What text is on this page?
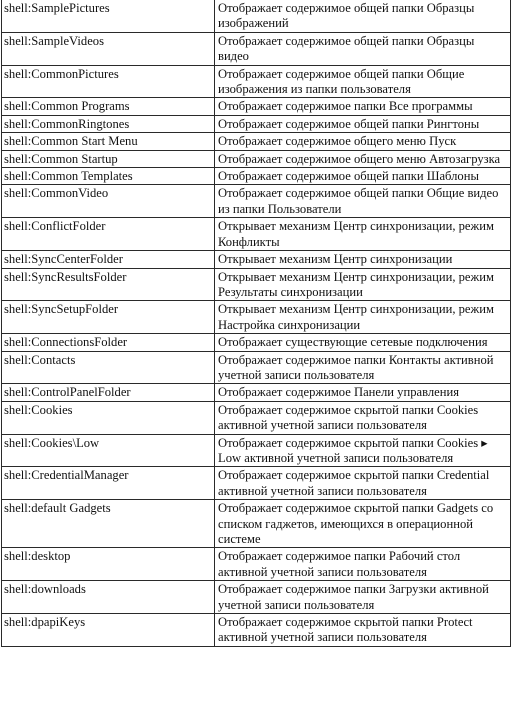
shell:SamplePictures	Отображает содержимое общей папки Образцы изображений
shell:SampleVideos	Отображает содержимое общей папки Образцы видео
shell:CommonPictures	Отображает содержимое общей папки Общие изображения из папки пользователя
shell:Common Programs	Отображает содержимое папки Все программы
shell:CommonRingtones	Отображает содержимое общей папки Рингтоны
shell:Common Start Menu	Отображает содержимое общего меню Пуск
shell:Common Startup	Отображает содержимое общего меню Автозагрузка
shell:Common Templates	Отображает содержимое общей папки Шаблоны
shell:CommonVideo	Отображает содержимое общей папки Общие видео из папки Пользователи
shell:ConflictFolder	Открывает механизм Центр синхронизации, режим Конфликты
shell:SyncCenterFolder	Открывает механизм Центр синхронизации
shell:SyncResultsFolder	Открывает механизм Центр синхронизации, режим Результаты синхронизации
shell:SyncSetupFolder	Открывает механизм Центр синхронизации, режим Настройка синхронизации
shell:ConnectionsFolder	Отображает существующие сетевые подключения
shell:Contacts	Отображает содержимое папки Контакты активной учетной записи пользователя
shell:ControlPanelFolder	Отображает содержимое Панели управления
shell:Cookies	Отображает содержимое скрытой папки Cookies активной учетной записи пользователя
shell:Cookies\Low	Отображает содержимое скрытой папки Cookies ▸ Low активной учетной записи пользователя
shell:CredentialManager	Отображает содержимое скрытой папки Credential активной учетной записи пользователя
shell:default Gadgets	Отображает содержимое скрытой папки Gadgets со списком гаджетов, имеющихся в операционной системе
shell:desktop	Отображает содержимое папки Рабочий стол активной учетной записи пользователя
shell:downloads	Отображает содержимое папки Загрузки активной учетной записи пользователя
shell:dpapiKeys	Отображает содержимое скрытой папки Protect активной учетной записи пользователя
